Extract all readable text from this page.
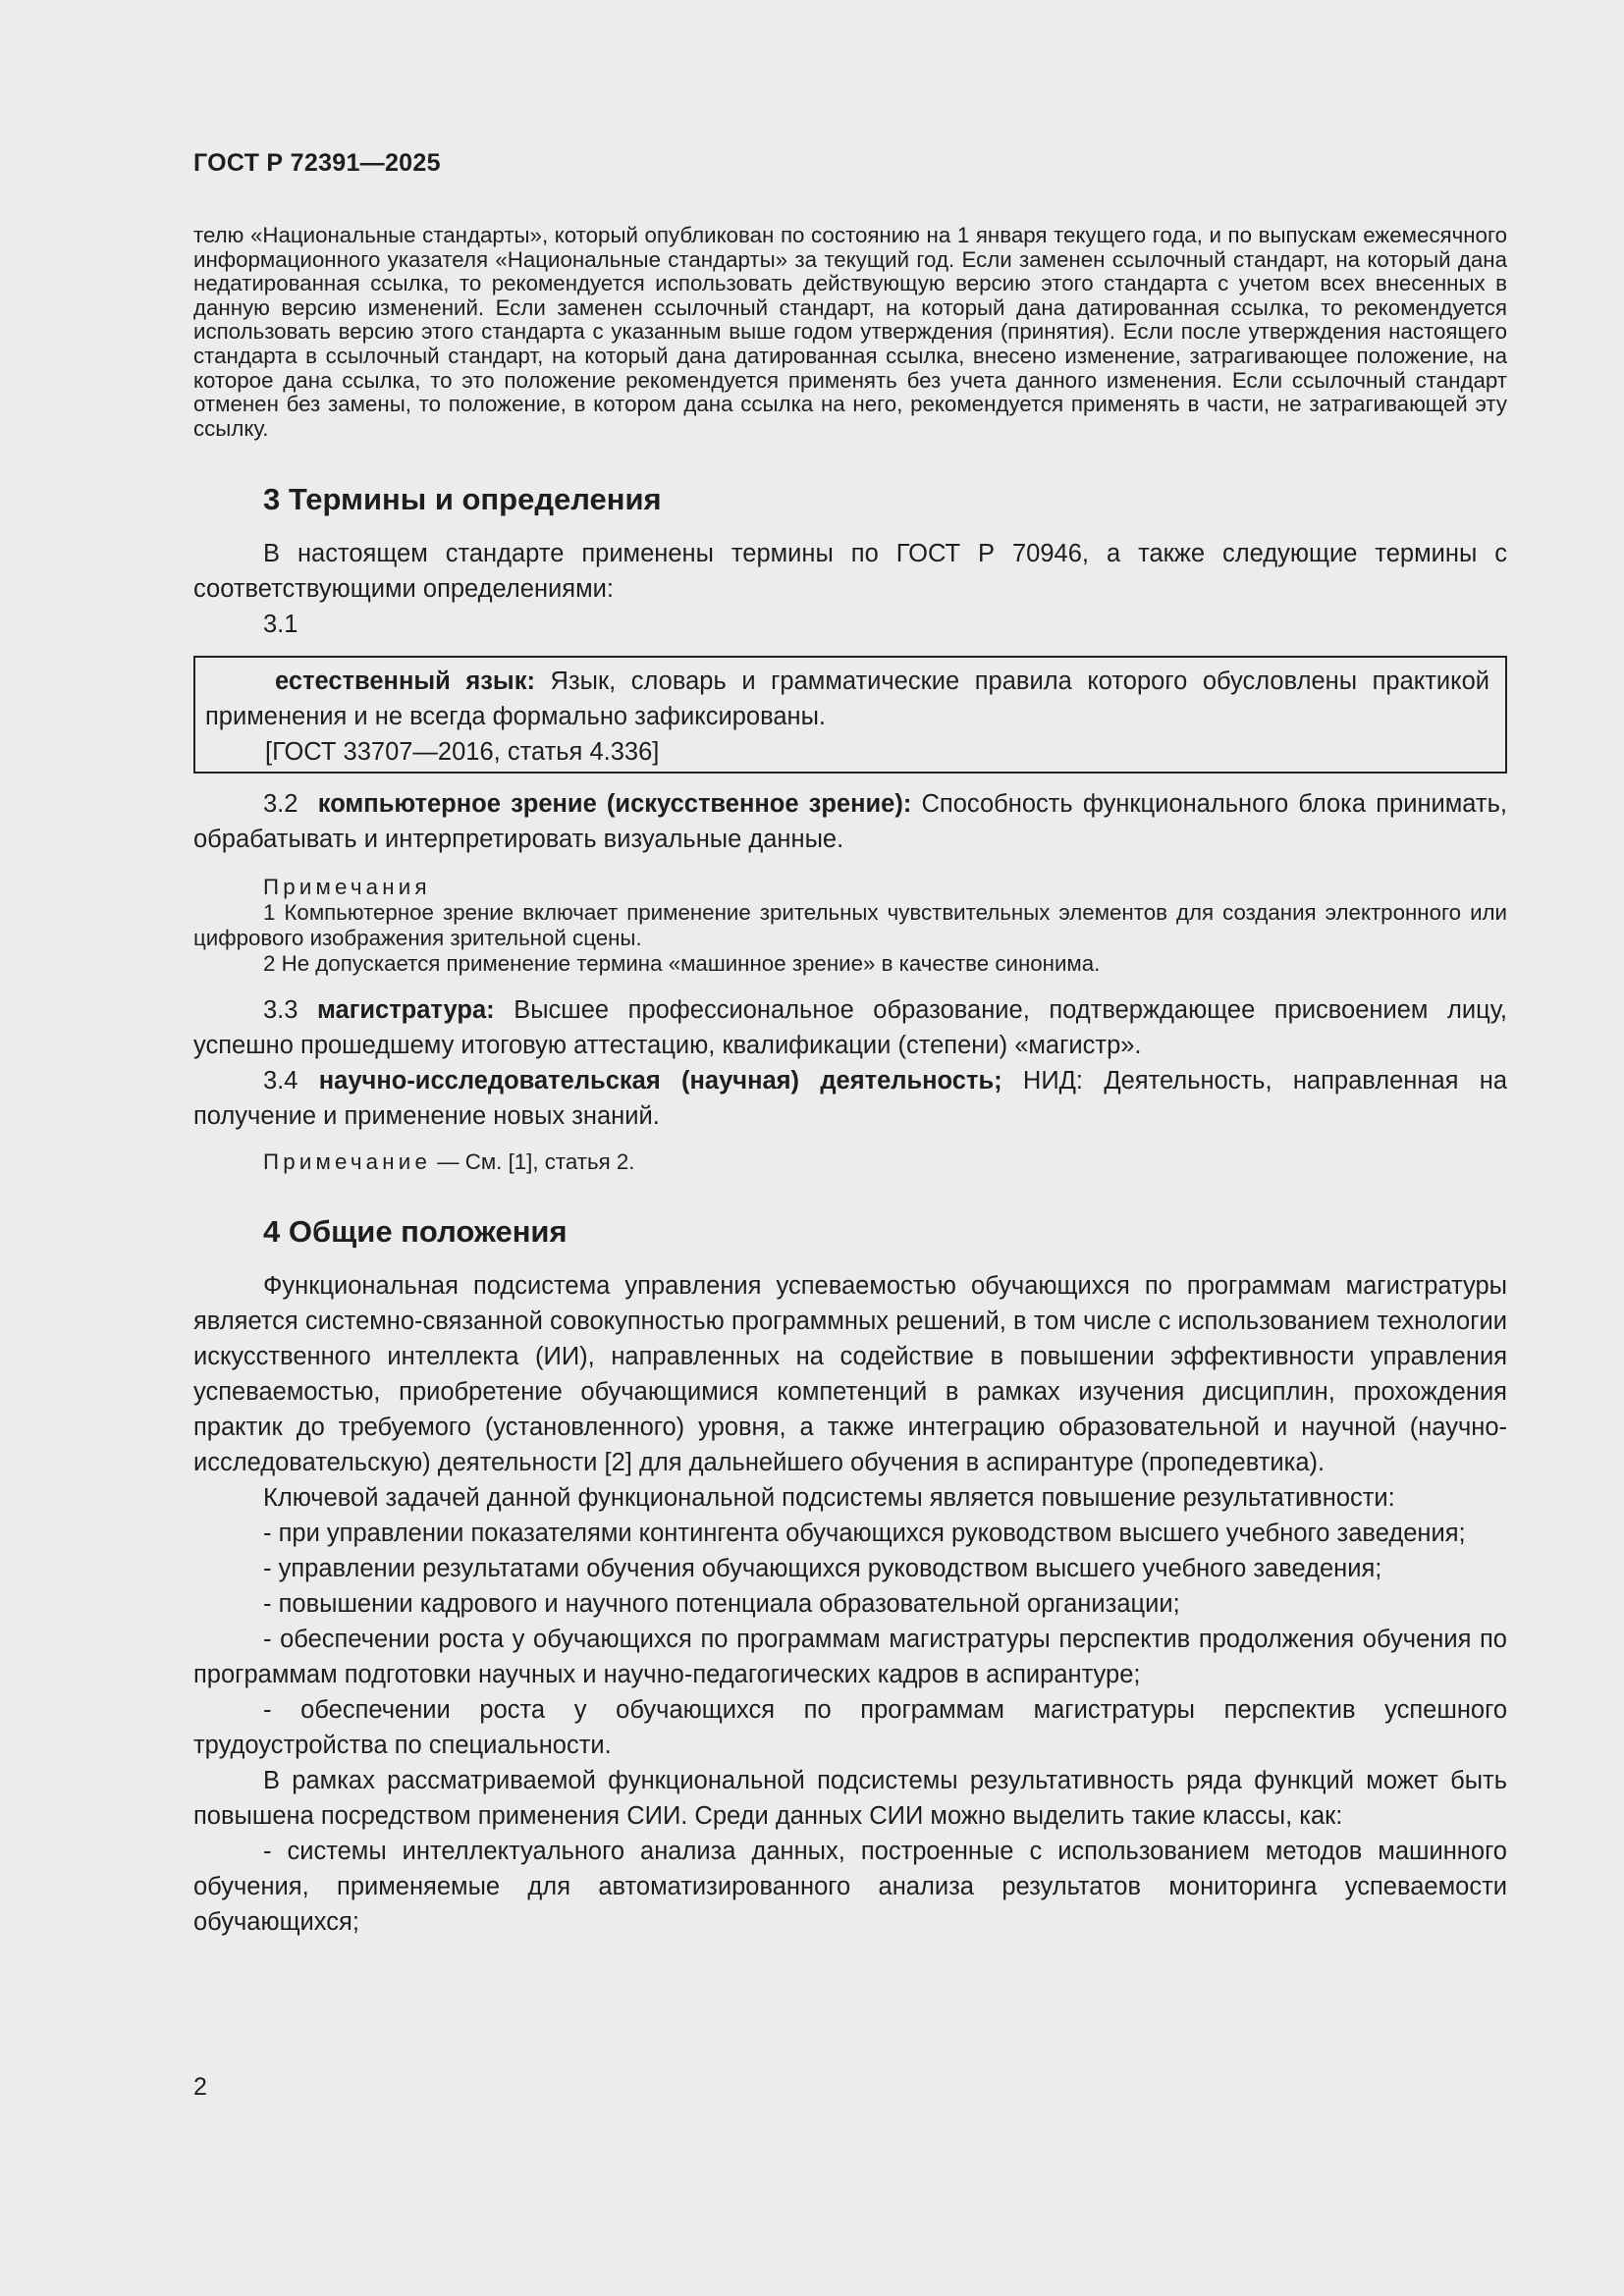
ГОСТ Р 72391—2025

телю «Национальные стандарты», который опубликован по состоянию на 1 января текущего года, и по выпускам ежемесячного информационного указателя «Национальные стандарты» за текущий год. Если заменен ссылочный стандарт, на который дана недатированная ссылка, то рекомендуется использовать действующую версию этого стандарта с учетом всех внесенных в данную версию изменений. Если заменен ссылочный стандарт, на который дана датированная ссылка, то рекомендуется использовать версию этого стандарта с указанным выше годом утверждения (принятия). Если после утверждения настоящего стандарта в ссылочный стандарт, на который дана датированная ссылка, внесено изменение, затрагивающее положение, на которое дана ссылка, то это положение рекомендуется применять без учета данного изменения. Если ссылочный стандарт отменен без замены, то положение, в котором дана ссылка на него, рекомендуется применять в части, не затрагивающей эту ссылку.

3 Термины и определения

В настоящем стандарте применены термины по ГОСТ Р 70946, а также следующие термины с соответствующими определениями:

3.1

естественный язык: Язык, словарь и грамматические правила которого обусловлены практикой применения и не всегда формально зафиксированы.

[ГОСТ 33707—2016, статья 4.336]

3.2 компьютерное зрение (искусственное зрение): Способность функционального блока принимать, обрабатывать и интерпретировать визуальные данные.

Примечания

1 Компьютерное зрение включает применение зрительных чувствительных элементов для создания электронного или цифрового изображения зрительной сцены.

2 Не допускается применение термина «машинное зрение» в качестве синонима.

3.3 магистратура: Высшее профессиональное образование, подтверждающее присвоением лицу, успешно прошедшему итоговую аттестацию, квалификации (степени) «магистр».

3.4 научно-исследовательская (научная) деятельность; НИД: Деятельность, направленная на получение и применение новых знаний.

Примечание — См. [1], статья 2.
4 Общие положения

Функциональная подсистема управления успеваемостью обучающихся по программам магистратуры является системно-связанной совокупностью программных решений, в том числе с использованием технологии искусственного интеллекта (ИИ), направленных на содействие в повышении эффективности управления успеваемостью, приобретение обучающимися компетенций в рамках изучения дисциплин, прохождения практик до требуемого (установленного) уровня, а также интеграцию образовательной и научной (научно-исследовательскую) деятельности [2] для дальнейшего обучения в аспирантуре (пропедевтика).

Ключевой задачей данной функциональной подсистемы является повышение результативности:

- при управлении показателями контингента обучающихся руководством высшего учебного заведения;

- управлении результатами обучения обучающихся руководством высшего учебного заведения;

- повышении кадрового и научного потенциала образовательной организации;

- обеспечении роста у обучающихся по программам магистратуры перспектив продолжения обучения по программам подготовки научных и научно-педагогических кадров в аспирантуре;

- обеспечении роста у обучающихся по программам магистратуры перспектив успешного трудоустройства по специальности.

В рамках рассматриваемой функциональной подсистемы результативность ряда функций может быть повышена посредством применения СИИ. Среди данных СИИ можно выделить такие классы, как:

- системы интеллектуального анализа данных, построенные с использованием методов машинного обучения, применяемые для автоматизированного анализа результатов мониторинга успеваемости обучающихся;

2
